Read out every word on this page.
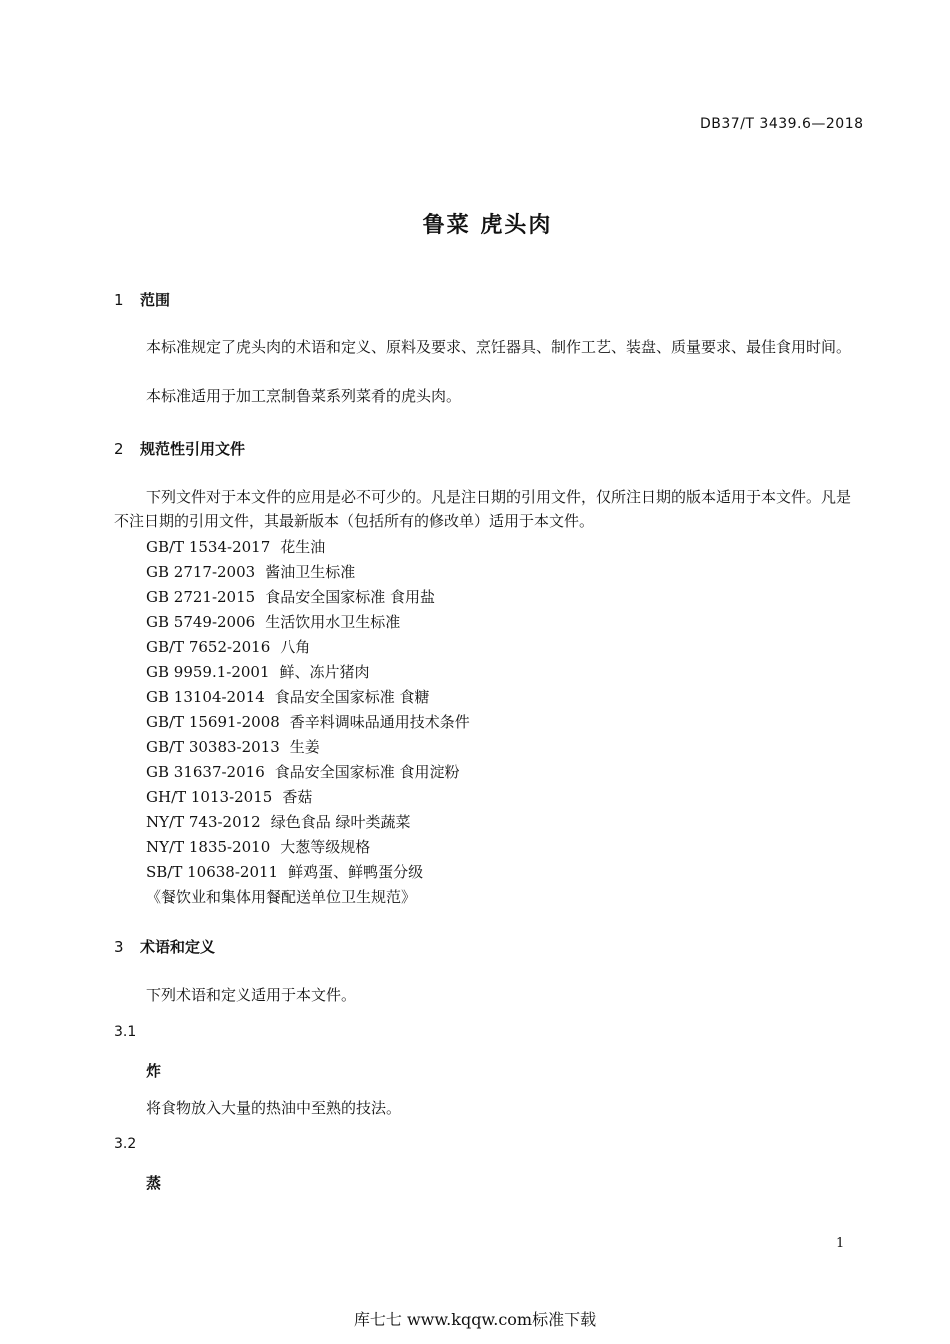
DB37/T 3439.6—2018
鲁菜 虎头肉
1 范围
本标准规定了虎头肉的术语和定义、原料及要求、烹饪器具、制作工艺、装盘、质量要求、最佳食用时间。
本标准适用于加工烹制鲁菜系列菜肴的虎头肉。
2 规范性引用文件
下列文件对于本文件的应用是必不可少的。凡是注日期的引用文件，仅所注日期的版本适用于本文件。凡是不注日期的引用文件，其最新版本（包括所有的修改单）适用于本文件。
GB/T 1534-2017 花生油
GB 2717-2003 酱油卫生标准
GB 2721-2015 食品安全国家标准 食用盐
GB 5749-2006 生活饮用水卫生标准
GB/T 7652-2016 八角
GB 9959.1-2001 鲜、冻片猪肉
GB 13104-2014 食品安全国家标准 食糖
GB/T 15691-2008 香辛料调味品通用技术条件
GB/T 30383-2013 生姜
GB 31637-2016 食品安全国家标准 食用淀粉
GH/T 1013-2015 香菇
NY/T 743-2012 绿色食品 绿叶类蔬菜
NY/T 1835-2010 大葱等级规格
SB/T 10638-2011 鲜鸡蛋、鲜鸭蛋分级
《餐饮业和集体用餐配送单位卫生规范》
3 术语和定义
下列术语和定义适用于本文件。
3.1
炸
将食物放入大量的热油中至熟的技法。
3.2
蒸
1
库七七 www.kqqw.com标准下载
